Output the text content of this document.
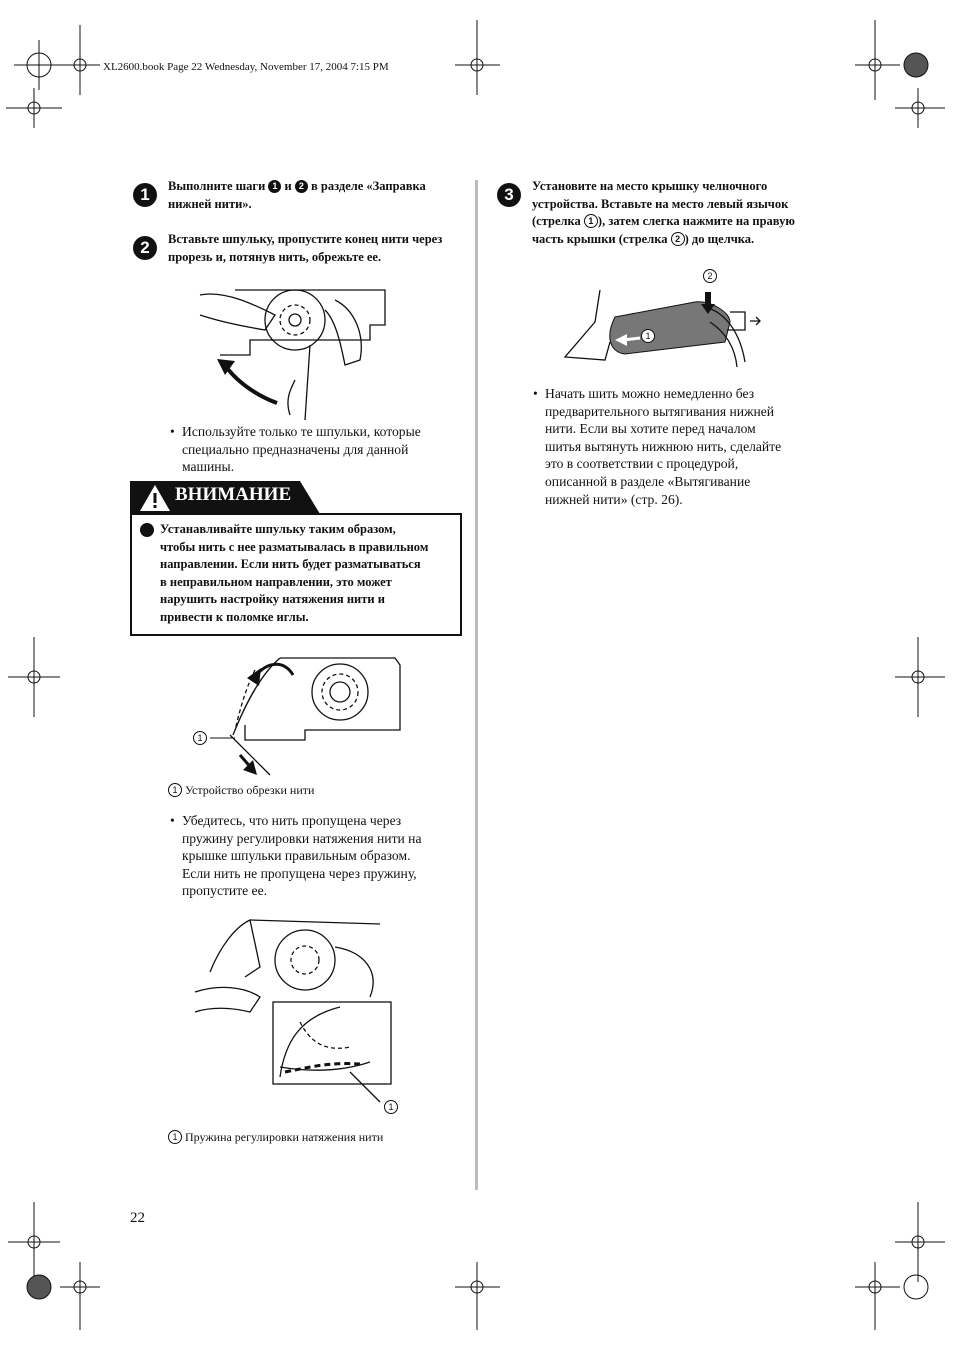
XL2600.book Page 22 Wednesday, November 17, 2004 7:15 PM
1	Выполните шаги 1 и 2 в разделе «Заправка
нижней нити».
2	Вставьте шпульку, пропустите конец нити через
прорезь и, потянув нить, обрежьте ее.
• Используйте только те шпульки, которые
специально предназначены для данной
машины.
ВНИМАНИЕ
Устанавливайте шпульку таким образом,
чтобы нить с нее разматывалась в правильном
направлении. Если нить будет разматываться
в неправильном направлении, это может
нарушить настройку натяжения нити и
привести к поломке иглы.
1
1 Устройство обрезки нити
• Убедитесь, что нить пропущена через
пружину регулировки натяжения нити на
крышке шпульки правильным образом.
Если нить не пропущена через пружину,
пропустите ее.
1
1 Пружина регулировки натяжения нити
3	Установите на место крышку челночного
устройства. Вставьте на место левый язычок
(стрелка 1 ), затем слегка нажмите на правую
часть крышки (стрелка 2 ) до щелчка.
2
1
• Начать шить можно немедленно без
предварительного вытягивания нижней
нити. Если вы хотите перед началом
шитья вытянуть нижнюю нить, сделайте
это в соответствии с процедурой,
описанной в разделе «Вытягивание
нижней нити» (стр. 26).
22
